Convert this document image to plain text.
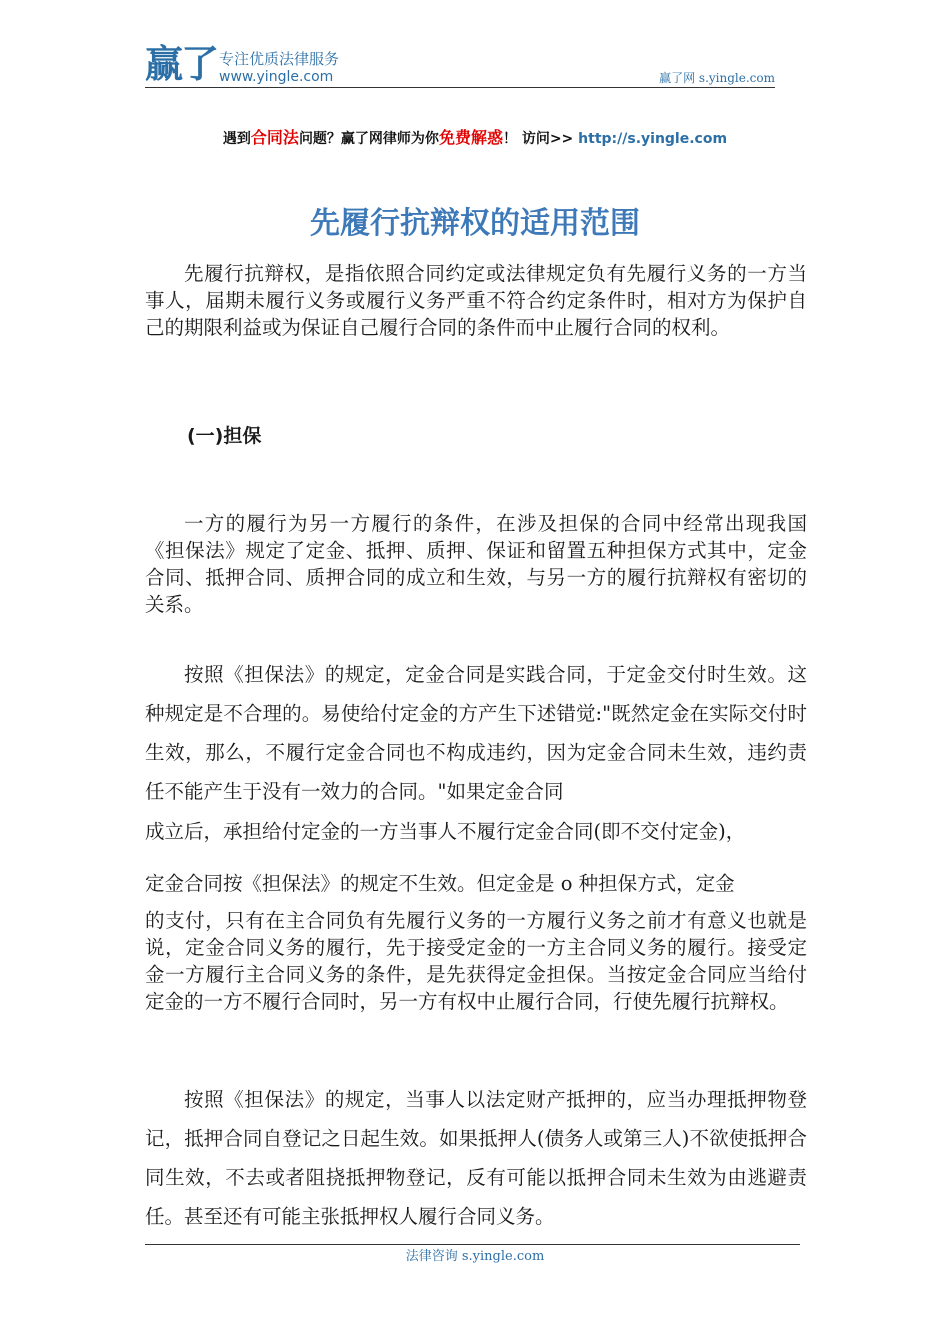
赢了 专注优质法律服务
www.yingle.com	赢了网 s.yingle.com
遇到合同法问题？赢了网律师为你免费解惑！ 访问>> http://s.yingle.com
先履行抗辩权的适用范围

先履行抗辩权，是指依照合同约定或法律规定负有先履行义务的一方当事人，届期未履行义务或履行义务严重不符合约定条件时，相对方为保护自己的期限利益或为保证自己履行合同的条件而中止履行合同的权利。

(一)担保

一方的履行为另一方履行的条件，在涉及担保的合同中经常出现我国《担保法》规定了定金、抵押、质押、保证和留置五种担保方式其中，定金合同、抵押合同、质押合同的成立和生效，与另一方的履行抗辩权有密切的关系。

按照《担保法》的规定，定金合同是实践合同，于定金交付时生效。这种规定是不合理的。易使给付定金的方产生下述错觉:"既然定金在实际交付时生效，那么，不履行定金合同也不构成违约，因为定金合同未生效，违约责任不能产生于没有一效力的合同。"如果定金合同

成立后，承担给付定金的一方当事人不履行定金合同(即不交付定金)，

定金合同按《担保法》的规定不生效。但定金是 o 种担保方式，定金

的支付，只有在主合同负有先履行义务的一方履行义务之前才有意义也就是说，定金合同义务的履行，先于接受定金的一方主合同义务的履行。接受定金一方履行主合同义务的条件，是先获得定金担保。当按定金合同应当给付定金的一方不履行合同时，另一方有权中止履行合同，行使先履行抗辩权。

按照《担保法》的规定，当事人以法定财产抵押的，应当办理抵押物登记，抵押合同自登记之日起生效。如果抵押人(债务人或第三人)不欲使抵押合同生效，不去或者阻挠抵押物登记，反有可能以抵押合同未生效为由逃避责任。甚至还有可能主张抵押权人履行合同义务。

法律咨询 s.yingle.com
